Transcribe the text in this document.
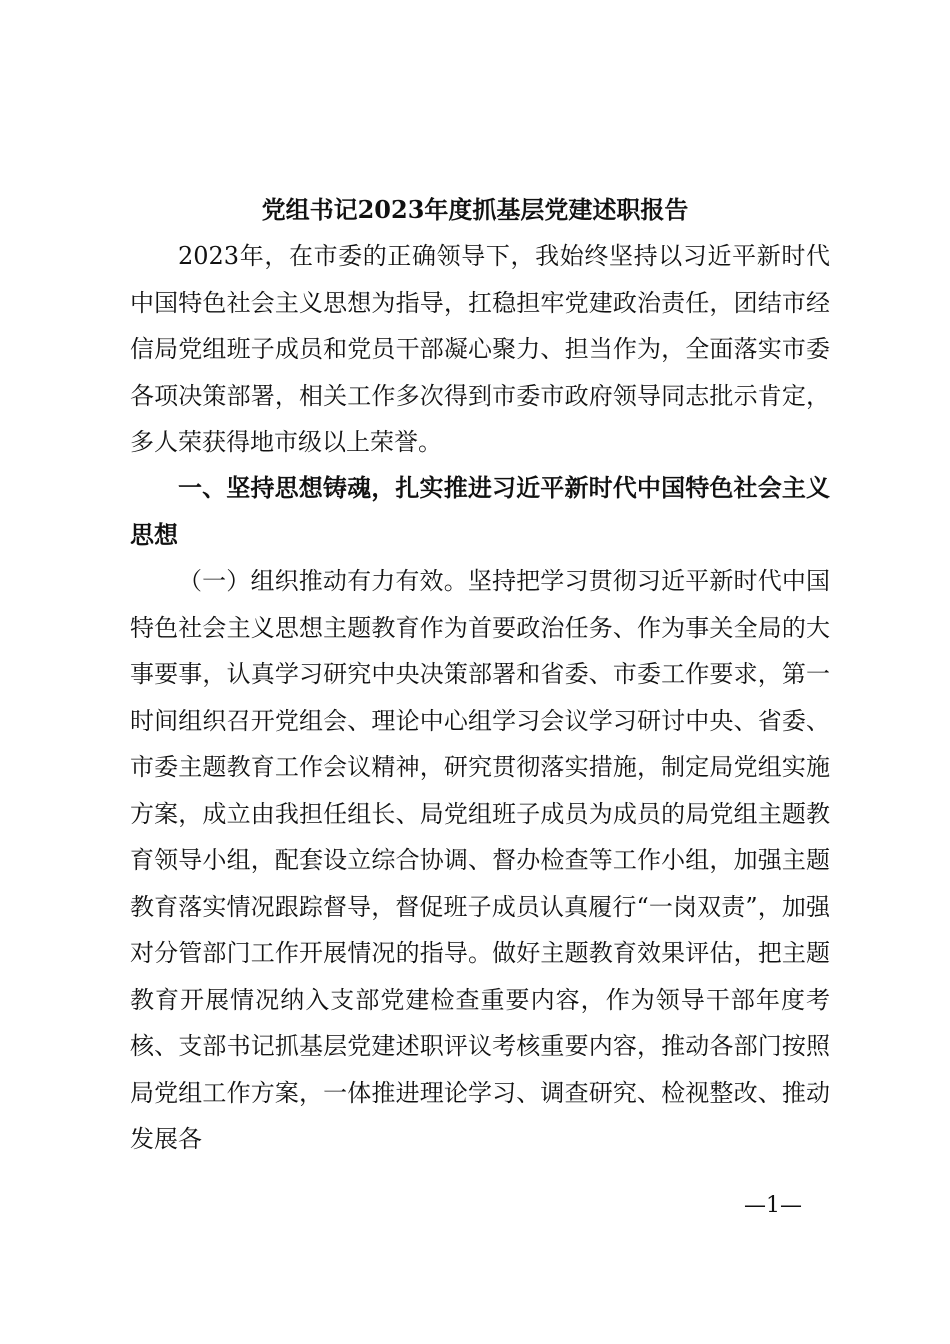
党组书记2023年度抓基层党建述职报告

2023年，在市委的正确领导下，我始终坚持以习近平新时代中国特色社会主义思想为指导，扛稳担牢党建政治责任，团结市经信局党组班子成员和党员干部凝心聚力、担当作为，全面落实市委各项决策部署，相关工作多次得到市委市政府领导同志批示肯定，多人荣获得地市级以上荣誉。

一、坚持思想铸魂，扎实推进习近平新时代中国特色社会主义思想

（一）组织推动有力有效。坚持把学习贯彻习近平新时代中国特色社会主义思想主题教育作为首要政治任务、作为事关全局的大事要事，认真学习研究中央决策部署和省委、市委工作要求，第一时间组织召开党组会、理论中心组学习会议学习研讨中央、省委、市委主题教育工作会议精神，研究贯彻落实措施，制定局党组实施方案，成立由我担任组长、局党组班子成员为成员的局党组主题教育领导小组，配套设立综合协调、督办检查等工作小组，加强主题教育落实情况跟踪督导，督促班子成员认真履行“一岗双责”，加强对分管部门工作开展情况的指导。做好主题教育效果评估，把主题教育开展情况纳入支部党建检查重要内容，作为领导干部年度考核、支部书记抓基层党建述职评议考核重要内容，推动各部门按照局党组工作方案，一体推进理论学习、调查研究、检视整改、推动发展各

—1—
